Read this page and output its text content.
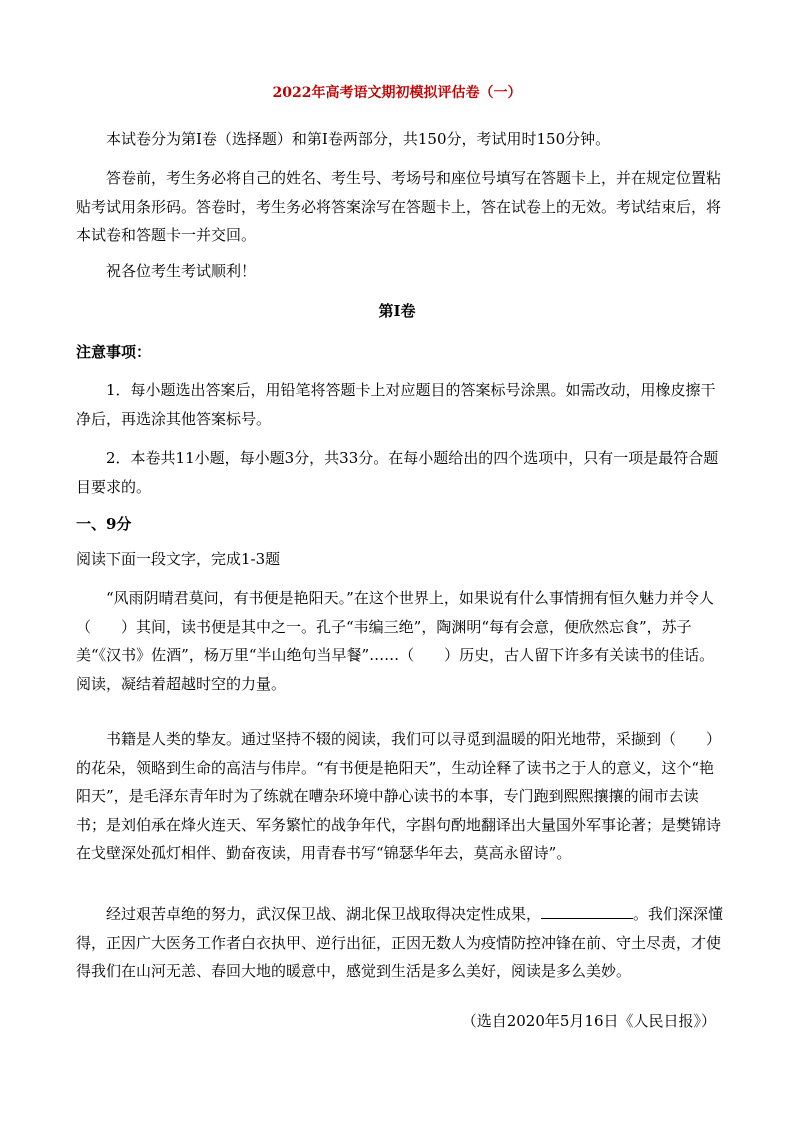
2022年高考语文期初模拟评估卷（一）
本试卷分为第Ⅰ卷（选择题）和第Ⅰ卷两部分，共150分，考试用时150分钟。
答卷前，考生务必将自己的姓名、考生号、考场号和座位号填写在答题卡上，并在规定位置粘贴考试用条形码。答卷时，考生务必将答案涂写在答题卡上，答在试卷上的无效。考试结束后，将本试卷和答题卡一并交回。
祝各位考生考试顺利！
第Ⅰ卷
注意事项：
1．每小题选出答案后，用铅笔将答题卡上对应题目的答案标号涂黑。如需改动，用橡皮擦干净后，再选涂其他答案标号。
2．本卷共11小题，每小题3分，共33分。在每小题给出的四个选项中，只有一项是最符合题目要求的。
一、9分
阅读下面一段文字，完成1-3题
“风雨阴晴君莫问，有书便是艳阳天。”在这个世界上，如果说有什么事情拥有恒久魅力并令人（　　）其间，读书便是其中之一。孔子“韦编三绝”，陶渊明“每有会意，便欣然忘食”，苏子美“《汉书》佐酒”，杨万里“半山绝句当早餐”……（　　）历史，古人留下许多有关读书的佳话。阅读，凝结着超越时空的力量。
书籍是人类的挚友。通过坚持不辍的阅读，我们可以寻觅到温暖的阳光地带，采撷到（　　）的花朵，领略到生命的高洁与伟岸。“有书便是艳阳天”，生动诠释了读书之于人的意义，这个“艳阳天”，是毛泽东青年时为了练就在嘈杂环境中静心读书的本事，专门跑到熙熙攘攘的闹市去读书；是刘伯承在烽火连天、军务繁忙的战争年代，字斟句酌地翻译出大量国外军事论著；是樊锦诗在戈壁深处孤灯相伴、勤奋夜读，用青春书写“锦瑟华年去，莫高永留诗”。
经过艰苦卓绝的努力，武汉保卫战、湖北保卫战取得决定性成果，	。我们深深懂得，正因广大医务工作者白衣执甲、逆行出征，正因无数人为疫情防控冲锋在前、守土尽责，才使得我们在山河无恙、春回大地的暖意中，感觉到生活是多么美好，阅读是多么美妙。
（选自2020年5月16日《人民日报》）
